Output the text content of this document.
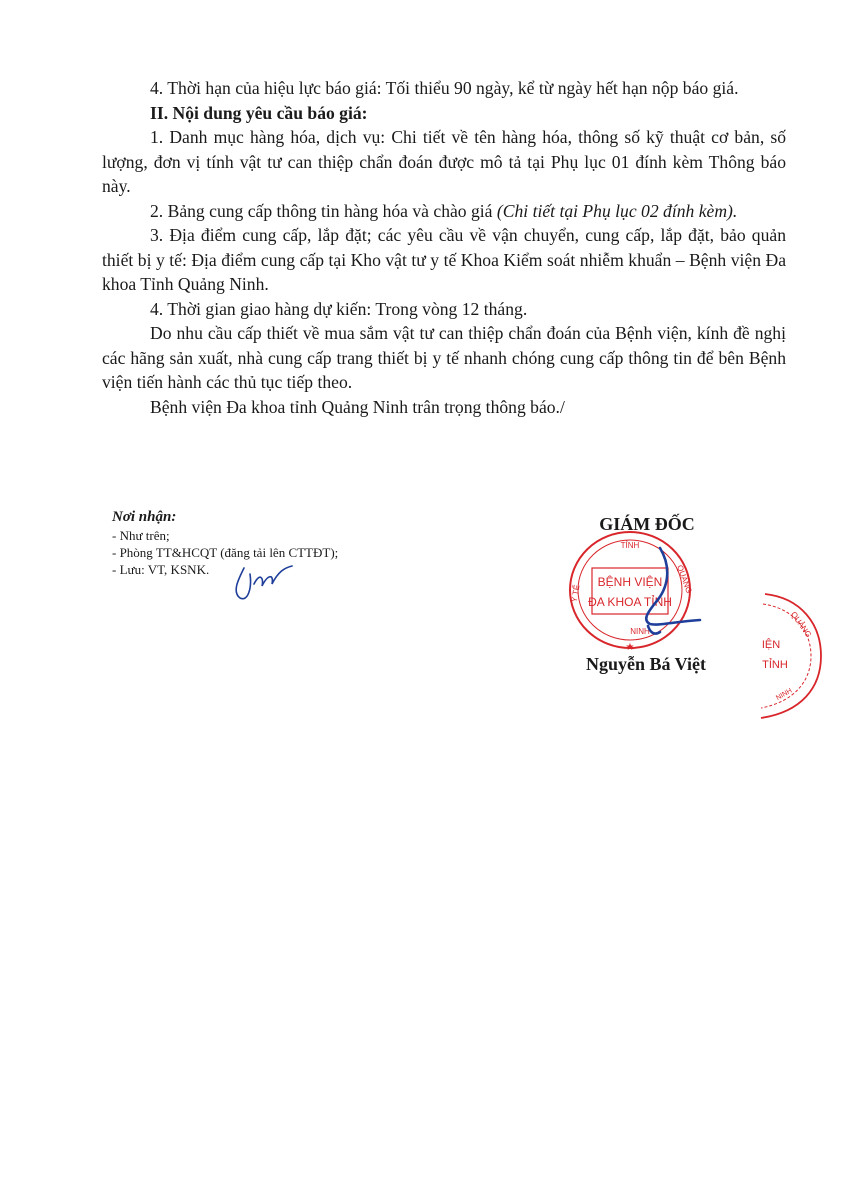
4. Thời hạn của hiệu lực báo giá: Tối thiểu 90 ngày, kể từ ngày hết hạn nộp báo giá.

II. Nội dung yêu cầu báo giá:

1. Danh mục hàng hóa, dịch vụ: Chi tiết về tên hàng hóa, thông số kỹ thuật cơ bản, số lượng, đơn vị tính vật tư can thiệp chẩn đoán được mô tả tại Phụ lục 01 đính kèm Thông báo này.

2. Bảng cung cấp thông tin hàng hóa và chào giá (Chi tiết tại Phụ lục 02 đính kèm).

3. Địa điểm cung cấp, lắp đặt; các yêu cầu về vận chuyển, cung cấp, lắp đặt, bảo quản thiết bị y tế: Địa điểm cung cấp tại Kho vật tư y tế Khoa Kiểm soát nhiễm khuẩn – Bệnh viện Đa khoa Tỉnh Quảng Ninh.

4. Thời gian giao hàng dự kiến: Trong vòng 12 tháng.

Do nhu cầu cấp thiết về mua sắm vật tư can thiệp chẩn đoán của Bệnh viện, kính đề nghị các hãng sản xuất, nhà cung cấp trang thiết bị y tế nhanh chóng cung cấp thông tin để bên Bệnh viện tiến hành các thủ tục tiếp theo.

Bệnh viện Đa khoa tỉnh Quảng Ninh trân trọng thông báo./

Nơi nhận:
- Như trên;
- Phòng TT&HCQT (đăng tải lên CTTĐT);
- Lưu: VT, KSNK.
TỈNH
Y TẾ	QUẢNG
NINH
BỆNH VIỆN
ĐA KHOA TỈNH
★
GIÁM ĐỐC
Nguyễn Bá Việt
QUẢNG
IỆN
TỈNH
NINH
